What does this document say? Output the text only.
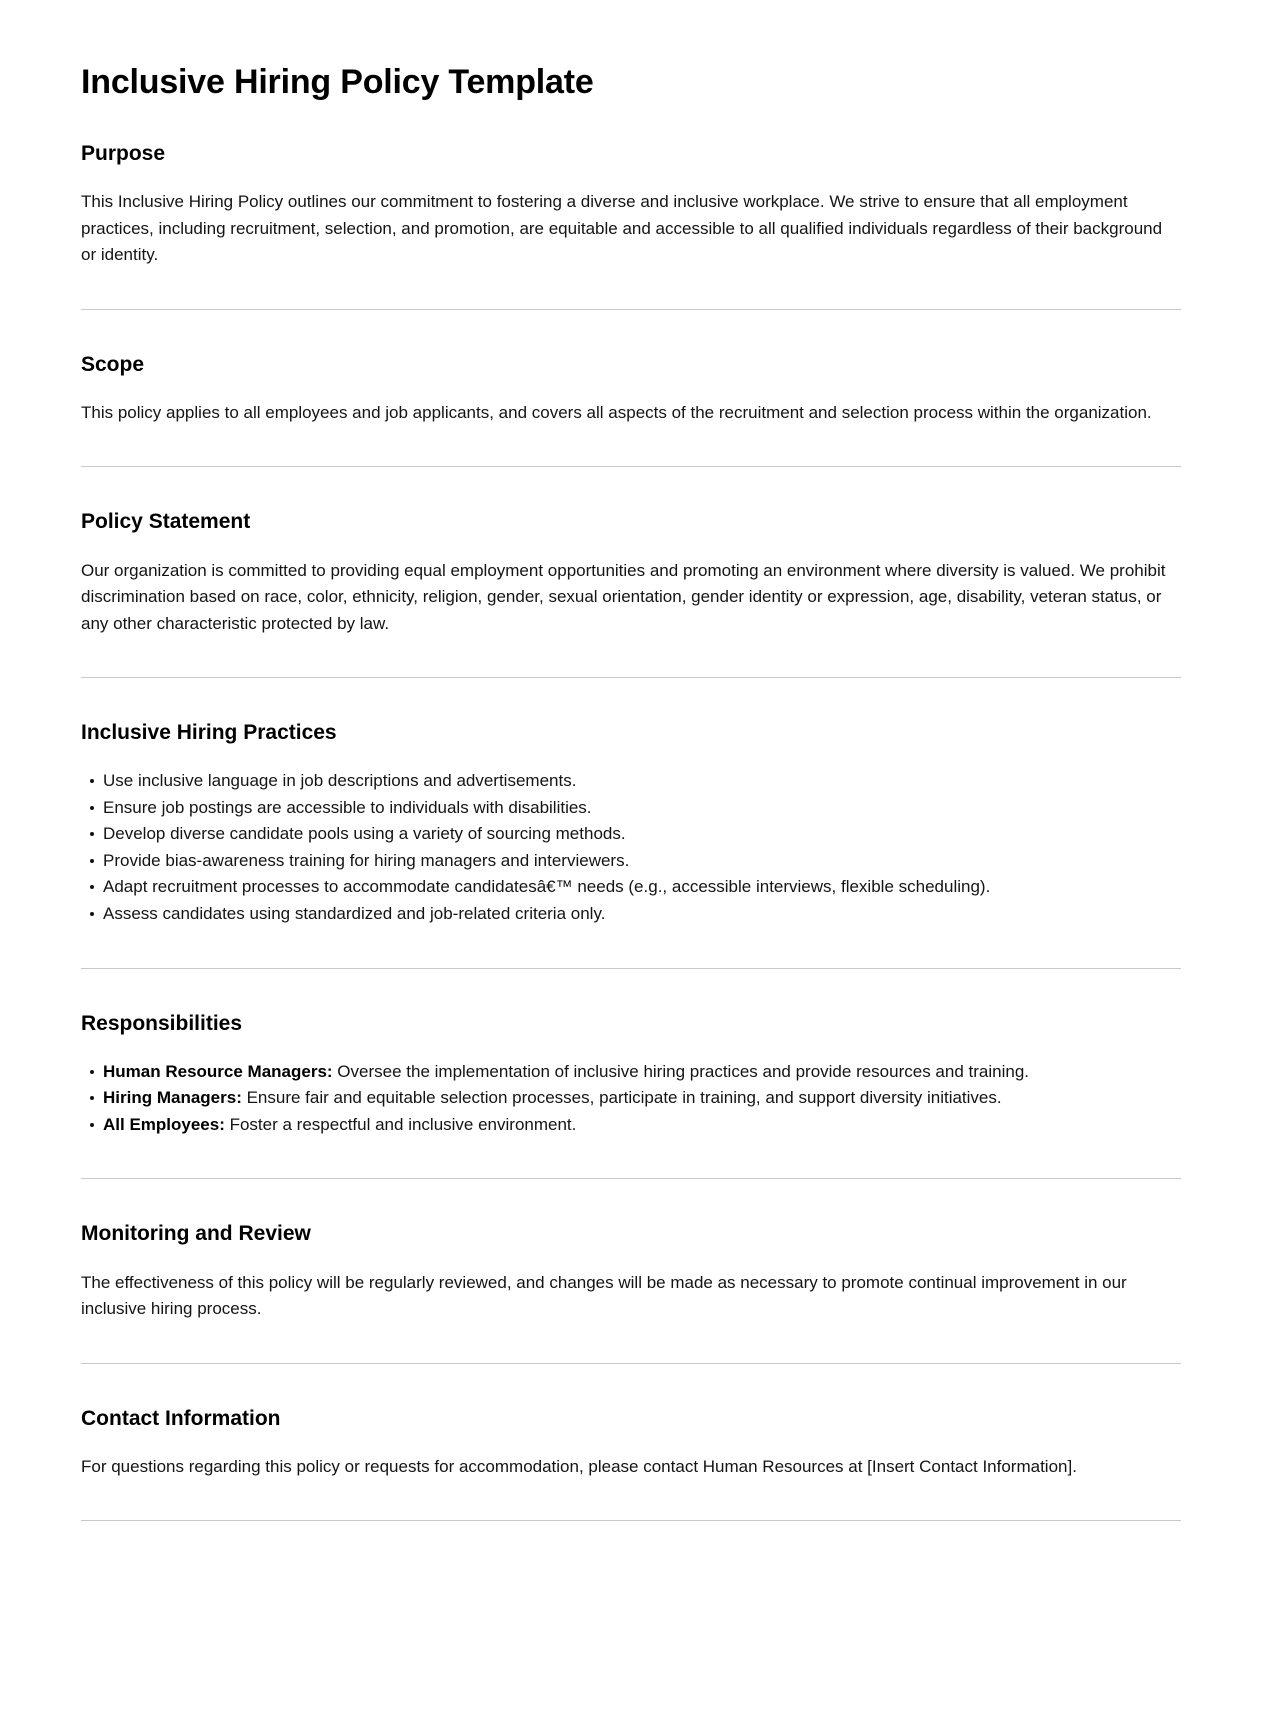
Inclusive Hiring Policy Template
Purpose

This Inclusive Hiring Policy outlines our commitment to fostering a diverse and inclusive workplace. We strive to ensure that all employment practices, including recruitment, selection, and promotion, are equitable and accessible to all qualified individuals regardless of their background or identity.

Scope

This policy applies to all employees and job applicants, and covers all aspects of the recruitment and selection process within the organization.

Policy Statement

Our organization is committed to providing equal employment opportunities and promoting an environment where diversity is valued. We prohibit discrimination based on race, color, ethnicity, religion, gender, sexual orientation, gender identity or expression, age, disability, veteran status, or any other characteristic protected by law.

Inclusive Hiring Practices
Use inclusive language in job descriptions and advertisements.
Ensure job postings are accessible to individuals with disabilities.
Develop diverse candidate pools using a variety of sourcing methods.
Provide bias-awareness training for hiring managers and interviewers.
Adapt recruitment processes to accommodate candidatesâ€™ needs (e.g., accessible interviews, flexible scheduling).
Assess candidates using standardized and job-related criteria only.
Responsibilities
Human Resource Managers: Oversee the implementation of inclusive hiring practices and provide resources and training.
Hiring Managers: Ensure fair and equitable selection processes, participate in training, and support diversity initiatives.
All Employees: Foster a respectful and inclusive environment.
Monitoring and Review

The effectiveness of this policy will be regularly reviewed, and changes will be made as necessary to promote continual improvement in our inclusive hiring process.

Contact Information

For questions regarding this policy or requests for accommodation, please contact Human Resources at [Insert Contact Information].
